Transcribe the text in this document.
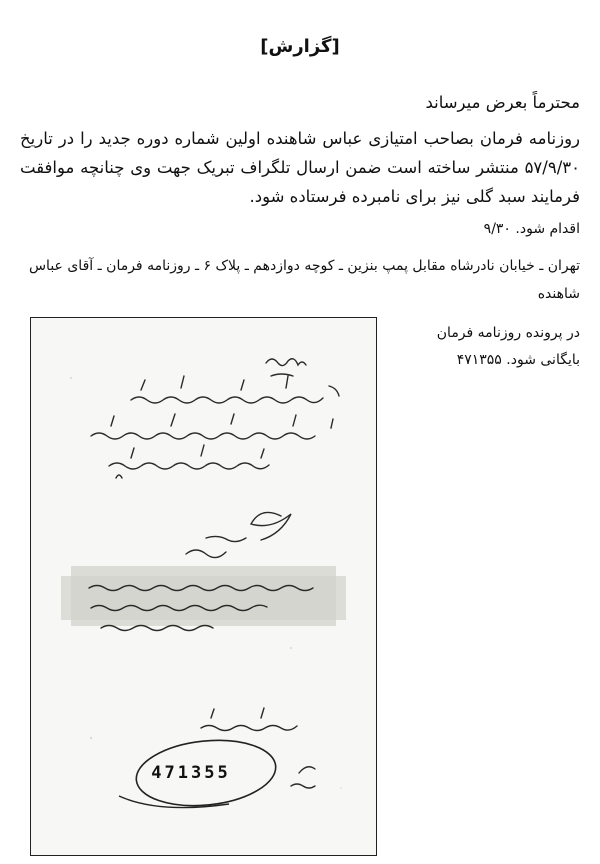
[گزارش]
محترماً بعرض میرساند
روزنامه فرمان بصاحب امتیازی عباس شاهنده اولین شماره دوره جدید را در تاریخ ۵۷/۹/۳۰ منتشر ساخته است ضمن ارسال تلگراف تبریک جهت وی چنانچه موافقت فرمایند سبد گلی نیز برای نامبرده فرستاده شود.
اقدام شود. ۹/۳۰
تهران ـ خیابان نادرشاه مقابل پمپ بنزین ـ کوچه دوازدهم ـ پلاک ۶ ـ روزنامه فرمان ـ آقای عباس شاهنده
در پرونده روزنامه فرمان
بایگانی شود. ۴۷۱۳۵۵
471355
